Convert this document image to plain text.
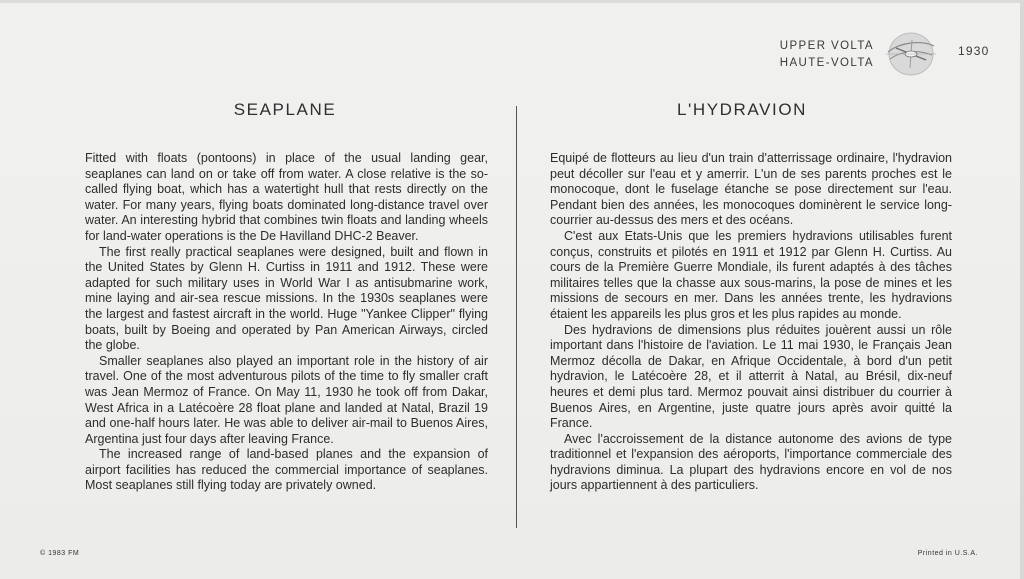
UPPER VOLTA
HAUTE-VOLTA
1930
SEAPLANE	L'HYDRAVION

Fitted with floats (pontoons) in place of the usual landing gear, seaplanes can land on or take off from water. A close relative is the so-called flying boat, which has a watertight hull that rests directly on the water. For many years, flying boats dominated long-distance travel over water. An interesting hybrid that combines twin floats and landing wheels for land-water operations is the De Havilland DHC-2 Beaver.

The first really practical seaplanes were designed, built and flown in the United States by Glenn H. Curtiss in 1911 and 1912. These were adapted for such military uses in World War I as antisubmarine work, mine laying and air-sea rescue missions. In the 1930s seaplanes were the largest and fastest aircraft in the world. Huge "Yankee Clipper" flying boats, built by Boeing and operated by Pan American Airways, circled the globe.

Smaller seaplanes also played an important role in the history of air travel. One of the most adventurous pilots of the time to fly smaller craft was Jean Mermoz of France. On May 11, 1930 he took off from Dakar, West Africa in a Latécoère 28 float plane and landed at Natal, Brazil 19 and one-half hours later. He was able to deliver air-mail to Buenos Aires, Argentina just four days after leaving France.

The increased range of land-based planes and the expansion of airport facilities has reduced the commercial importance of seaplanes. Most seaplanes still flying today are privately owned.

Equipé de flotteurs au lieu d'un train d'atterrissage ordinaire, l'hydravion peut décoller sur l'eau et y amerrir. L'un de ses parents proches est le monocoque, dont le fuselage étanche se pose directement sur l'eau. Pendant bien des années, les monocoques dominèrent le service long-courrier au-dessus des mers et des océans.

C'est aux Etats-Unis que les premiers hydravions utilisables furent conçus, construits et pilotés en 1911 et 1912 par Glenn H. Curtiss. Au cours de la Première Guerre Mondiale, ils furent adaptés à des tâches militaires telles que la chasse aux sous-marins, la pose de mines et les missions de secours en mer. Dans les années trente, les hydravions étaient les appareils les plus gros et les plus rapides au monde.

Des hydravions de dimensions plus réduites jouèrent aussi un rôle important dans l'histoire de l'aviation. Le 11 mai 1930, le Français Jean Mermoz décolla de Dakar, en Afrique Occidentale, à bord d'un petit hydravion, le Latécoère 28, et il atterrit à Natal, au Brésil, dix-neuf heures et demi plus tard. Mermoz pouvait ainsi distribuer du courrier à Buenos Aires, en Argentine, juste quatre jours après avoir quitté la France.

Avec l'accroissement de la distance autonome des avions de type traditionnel et l'expansion des aéroports, l'importance commerciale des hydravions diminua. La plupart des hydravions encore en vol de nos jours appartiennent à des particuliers.

© 1983 FM	Printed in U.S.A.
